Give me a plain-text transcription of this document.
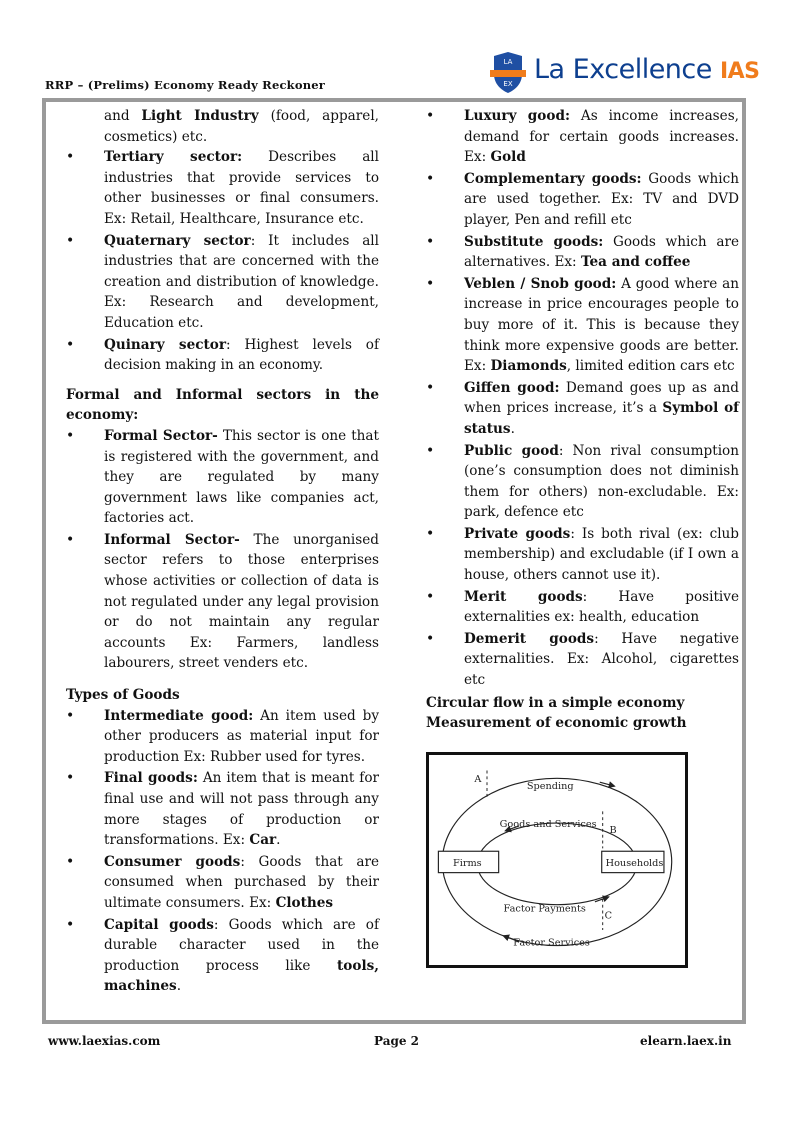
RRP – (Prelims) Economy Ready Reckoner
LA
EX La Excellence IAS

and Light Industry (food, apparel, cosmetics) etc.

• Tertiary sector: Describes all industries that provide services to other businesses or final consumers. Ex: Retail, Healthcare, Insurance etc.
• Quaternary sector: It includes all industries that are concerned with the creation and distribution of knowledge. Ex: Research and development, Education etc.
• Quinary sector: Highest levels of decision making in an economy.

Formal and Informal sectors in the economy:

• Formal Sector- This sector is one that is registered with the government, and they are regulated by many government laws like companies act, factories act.
• Informal Sector- The unorganised sector refers to those enterprises whose activities or collection of data is not regulated under any legal provision or do not maintain any regular accounts Ex: Farmers, landless labourers, street venders etc.

Types of Goods

• Intermediate good: An item used by other producers as material input for production Ex: Rubber used for tyres.
• Final goods: An item that is meant for final use and will not pass through any more stages of production or transformations. Ex: Car.
• Consumer goods: Goods that are consumed when purchased by their ultimate consumers. Ex: Clothes
• Capital goods: Goods which are of durable character used in the production process like tools, machines.
• Luxury good: As income increases, demand for certain goods increases. Ex: Gold
• Complementary goods: Goods which are used together. Ex: TV and DVD player, Pen and refill etc
• Substitute goods: Goods which are alternatives. Ex: Tea and coffee
• Veblen / Snob good: A good where an increase in price encourages people to buy more of it. This is because they think more expensive goods are better. Ex: Diamonds, limited edition cars etc
• Giffen good: Demand goes up as and when prices increase, it’s a Symbol of status.
• Public good: Non rival consumption (one’s consumption does not diminish them for others) non-excludable. Ex: park, defence etc
• Private goods: Is both rival (ex: club membership) and excludable (if I own a house, others cannot use it).
• Merit goods: Have positive externalities ex: health, education
• Demerit goods: Have negative externalities. Ex: Alcohol, cigarettes etc

Circular flow in a simple economy

Measurement of economic growth

A
Spending
Goods and Services
B
Firms	Households
Factor Payments
C
Factor Services
www.laexias.com	Page 2	elearn.laex.in
